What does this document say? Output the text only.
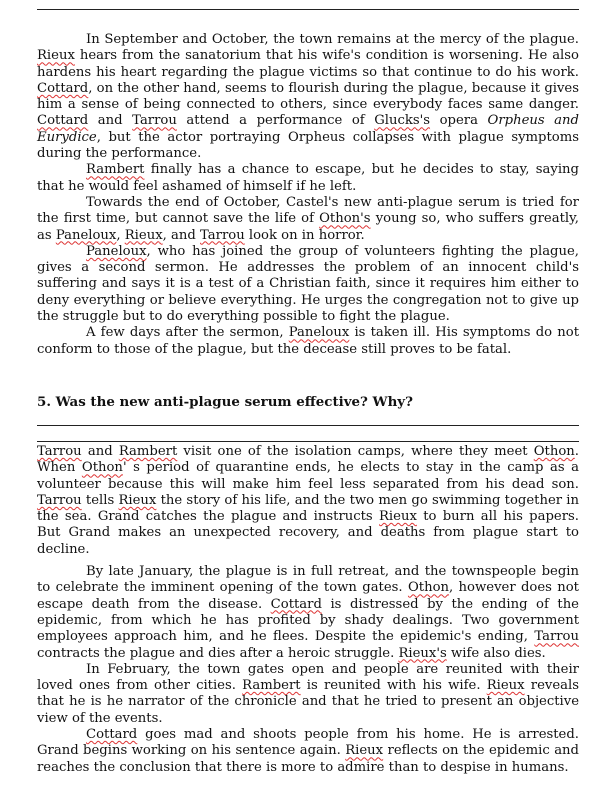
In September and October, the town remains at the mercy of the plague. Rieux hears from the sanatorium that his wife's condition is worsening. He also hardens his heart regarding the plague victims so that continue to do his work. Cottard, on the other hand, seems to flourish during the plague, because it gives him a sense of being connected to others, since everybody faces same danger. Cottard and Tarrou attend a performance of Glucks's opera Orpheus and Eurydice, but the actor portraying Orpheus collapses with plague symptoms during the performance.

Rambert finally has a chance to escape, but he decides to stay, saying that he would feel ashamed of himself if he left.

Towards the end of October, Castel's new anti-plague serum is tried for the first time, but cannot save the life of Othon's young so, who suffers greatly, as Paneloux, Rieux, and Tarrou look on in horror.

Paneloux, who has joined the group of volunteers fighting the plague, gives a second sermon. He addresses the problem of an innocent child's suffering and says it is a test of a Christian faith, since it requires him either to deny everything or believe everything. He urges the congregation not to give up the struggle but to do everything possible to fight the plague.

A few days after the sermon, Paneloux is taken ill. His symptoms do not conform to those of the plague, but the decease still proves to be fatal.

5. Was the new anti-plague serum effective? Why?

Tarrou and Rambert visit one of the isolation camps, where they meet Othon. When Othon' s period of quarantine ends, he elects to stay in the camp as a volunteer because this will make him feel less separated from his dead son. Tarrou tells Rieux the story of his life, and the two men go swimming together in the sea. Grand catches the plague and instructs Rieux to burn all his papers. But Grand makes an unexpected recovery, and deaths from plague start to decline.

By late January, the plague is in full retreat, and the townspeople begin to celebrate the imminent opening of the town gates. Othon, however does not escape death from the disease. Cottard is distressed by the ending of the epidemic, from which he has profited by shady dealings. Two government employees approach him, and he flees. Despite the epidemic's ending, Tarrou contracts the plague and dies after a heroic struggle. Rieux's wife also dies.

In February, the town gates open and people are reunited with their loved ones from other cities. Rambert is reunited with his wife. Rieux reveals that he is he narrator of the chronicle and that he tried to present an objective view of the events.

Cottard goes mad and shoots people from his home. He is arrested. Grand begins working on his sentence again. Rieux reflects on the epidemic and reaches the conclusion that there is more to admire than to despise in humans.
